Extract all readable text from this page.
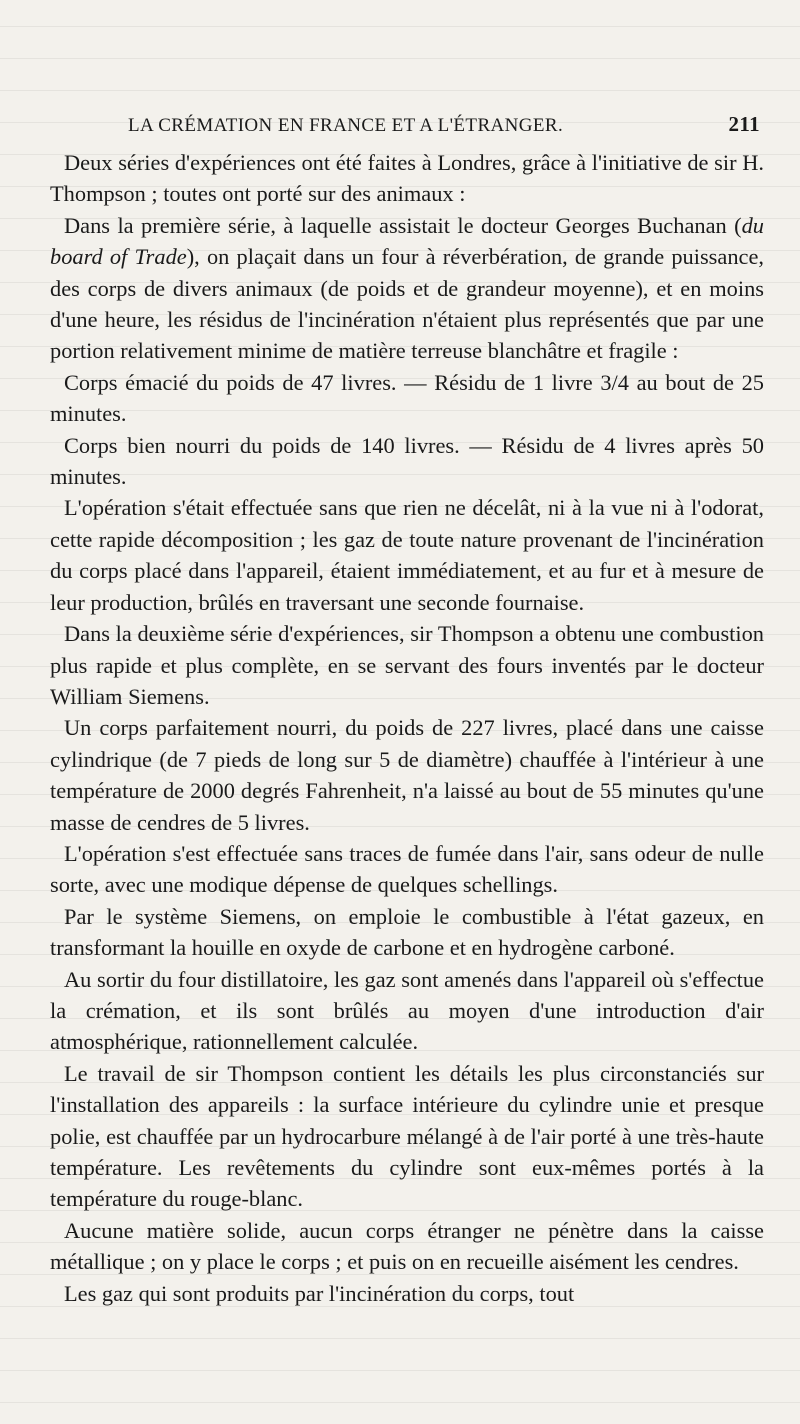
LA CRÉMATION EN FRANCE ET A L'ÉTRANGER.	211

Deux séries d'expériences ont été faites à Londres, grâce à l'initiative de sir H. Thompson ; toutes ont porté sur des animaux :

Dans la première série, à laquelle assistait le docteur Georges Buchanan (du board of Trade), on plaçait dans un four à réverbération, de grande puissance, des corps de divers animaux (de poids et de grandeur moyenne), et en moins d'une heure, les résidus de l'incinération n'étaient plus représentés que par une portion relativement minime de matière terreuse blanchâtre et fragile :

Corps émacié du poids de 47 livres. — Résidu de 1 livre 3/4 au bout de 25 minutes.

Corps bien nourri du poids de 140 livres. — Résidu de 4 livres après 50 minutes.

L'opération s'était effectuée sans que rien ne décelât, ni à la vue ni à l'odorat, cette rapide décomposition ; les gaz de toute nature provenant de l'incinération du corps placé dans l'appareil, étaient immédiatement, et au fur et à mesure de leur production, brûlés en traversant une seconde fournaise.

Dans la deuxième série d'expériences, sir Thompson a obtenu une combustion plus rapide et plus complète, en se servant des fours inventés par le docteur William Siemens.

Un corps parfaitement nourri, du poids de 227 livres, placé dans une caisse cylindrique (de 7 pieds de long sur 5 de diamètre) chauffée à l'intérieur à une température de 2000 degrés Fahrenheit, n'a laissé au bout de 55 minutes qu'une masse de cendres de 5 livres.

L'opération s'est effectuée sans traces de fumée dans l'air, sans odeur de nulle sorte, avec une modique dépense de quelques schellings.

Par le système Siemens, on emploie le combustible à l'état gazeux, en transformant la houille en oxyde de carbone et en hydrogène carboné.

Au sortir du four distillatoire, les gaz sont amenés dans l'appareil où s'effectue la crémation, et ils sont brûlés au moyen d'une introduction d'air atmosphérique, rationnellement calculée.

Le travail de sir Thompson contient les détails les plus circonstanciés sur l'installation des appareils : la surface intérieure du cylindre unie et presque polie, est chauffée par un hydrocarbure mélangé à de l'air porté à une très-haute température. Les revêtements du cylindre sont eux-mêmes portés à la température du rouge-blanc.

Aucune matière solide, aucun corps étranger ne pénètre dans la caisse métallique ; on y place le corps ; et puis on en recueille aisément les cendres.

Les gaz qui sont produits par l'incinération du corps, tout
